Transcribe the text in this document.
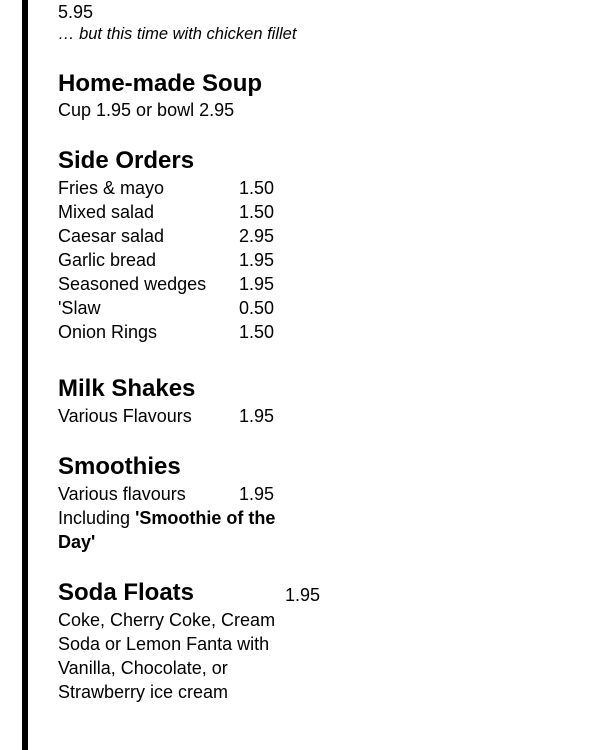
5.95
… but this time with chicken fillet
Home-made Soup
Cup 1.95 or bowl 2.95
Side Orders
Fries & mayo	1.50
Mixed salad	1.50
Caesar salad	2.95
Garlic bread	1.95
Seasoned wedges 1.95
'Slaw	0.50
Onion Rings	1.50
Milk Shakes
Various Flavours	1.95
Smoothies
Various flavours	1.95
Including 'Smoothie of the Day'
Soda Floats	1.95
Coke, Cherry Coke, Cream Soda or Lemon Fanta with Vanilla, Chocolate, or Strawberry ice cream
